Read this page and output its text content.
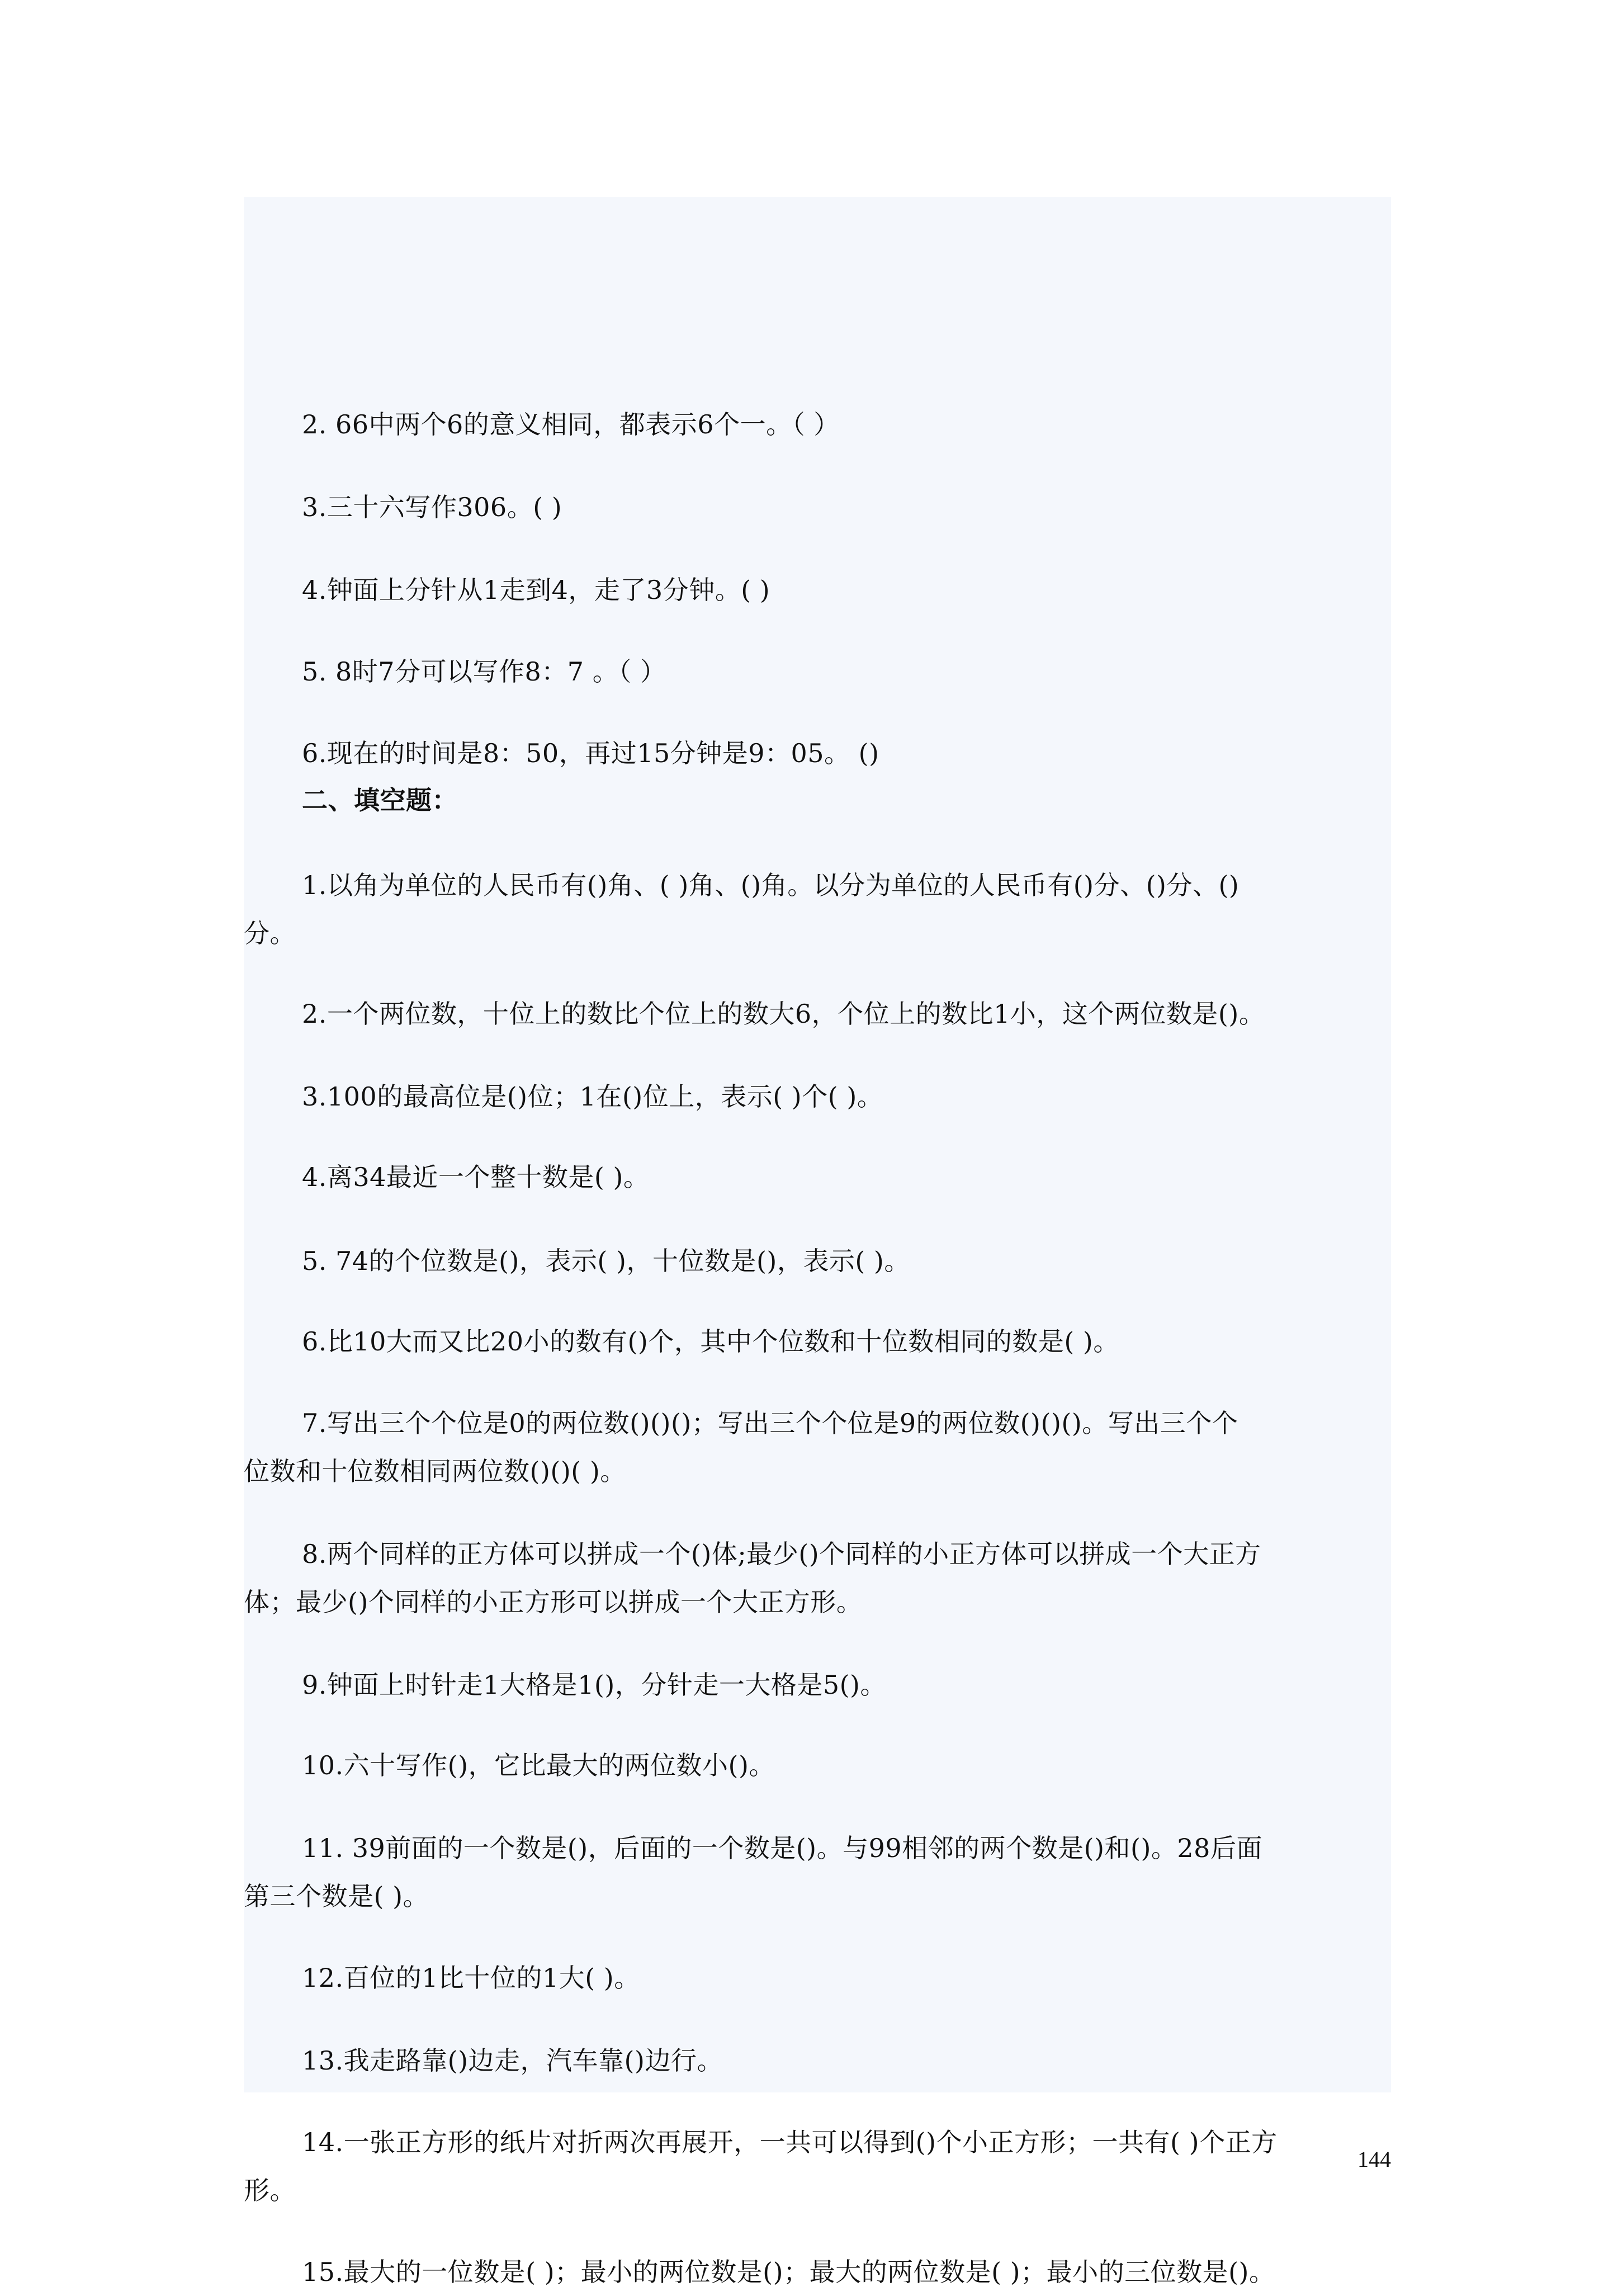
2. 66中两个6的意义相同，都表示6个一。（ ）
3.三十六写作306。( )
4.钟面上分针从1走到4，走了3分钟。( )
5. 8时7分可以写作8：7 。（ ）
6.现在的时间是8：50，再过15分钟是9：05。 ()
二、填空题：
1.以角为单位的人民币有()角、( )角、()角。以分为单位的人民币有()分、()分、()
分。
2.一个两位数，十位上的数比个位上的数大6，个位上的数比1小，这个两位数是()。
3.100的最高位是()位；1在()位上，表示( )个( )。
4.离34最近一个整十数是( )。
5. 74的个位数是()，表示( )，十位数是()，表示( )。
6.比10大而又比20小的数有()个，其中个位数和十位数相同的数是( )。
7.写出三个个位是0的两位数()()()；写出三个个位是9的两位数()()()。写出三个个
位数和十位数相同两位数()()( )。
8.两个同样的正方体可以拼成一个()体;最少()个同样的小正方体可以拼成一个大正方
体；最少()个同样的小正方形可以拼成一个大正方形。
9.钟面上时针走1大格是1()，分针走一大格是5()。
10.六十写作()，它比最大的两位数小()。
11. 39前面的一个数是()，后面的一个数是()。与99相邻的两个数是()和()。28后面
第三个数是( )。
12.百位的1比十位的1大( )。
13.我走路靠()边走，汽车靠()边行。
14.一张正方形的纸片对折两次再展开，一共可以得到()个小正方形；一共有( )个正方
形。
15.最大的一位数是( )；最小的两位数是()；最大的两位数是( )；最小的三位数是()。
144
